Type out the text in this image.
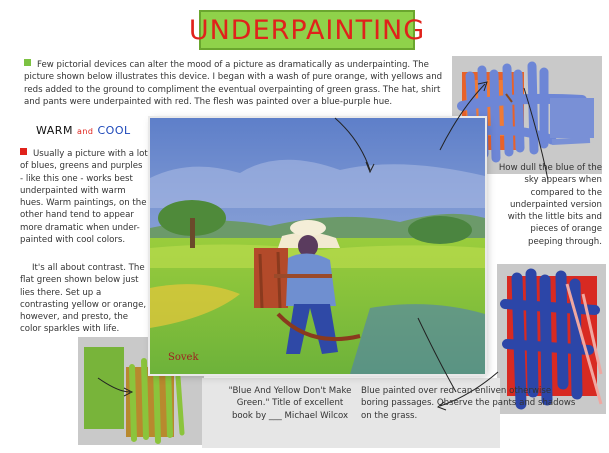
UNDERPAINTING
Few pictorial devices can alter the mood of a picture as dramatically as underpainting. The picture shown below illustrates this device. I began with a wash of pure orange, with yellows and reds added to the ground to compliment the eventual overpainting of green grass. The hat, shirt and pants were underpainted with red. The flesh was painted over a blue-purple hue.
WARM and COOL
Usually a picture with a lot of blues, greens and purples - like this one - works best underpainted with warm hues. Warm paintings, on the other hand tend to appear more dramatic when under-painted with cool colors.
It's all about contrast. The flat green shown below just lies there. Set up a contrasting yellow or orange, however, and presto, the color sparkles with life.
How dull the blue of the sky appears when compared to the underpainted version with the little bits and pieces of orange peeping through.
"Blue And Yellow Don't Make Green." Title of excellent book by ___ Michael Wilcox
Blue painted over red can enliven otherwise boring passages. Observe the pants and shadows on the grass.
Sovek
